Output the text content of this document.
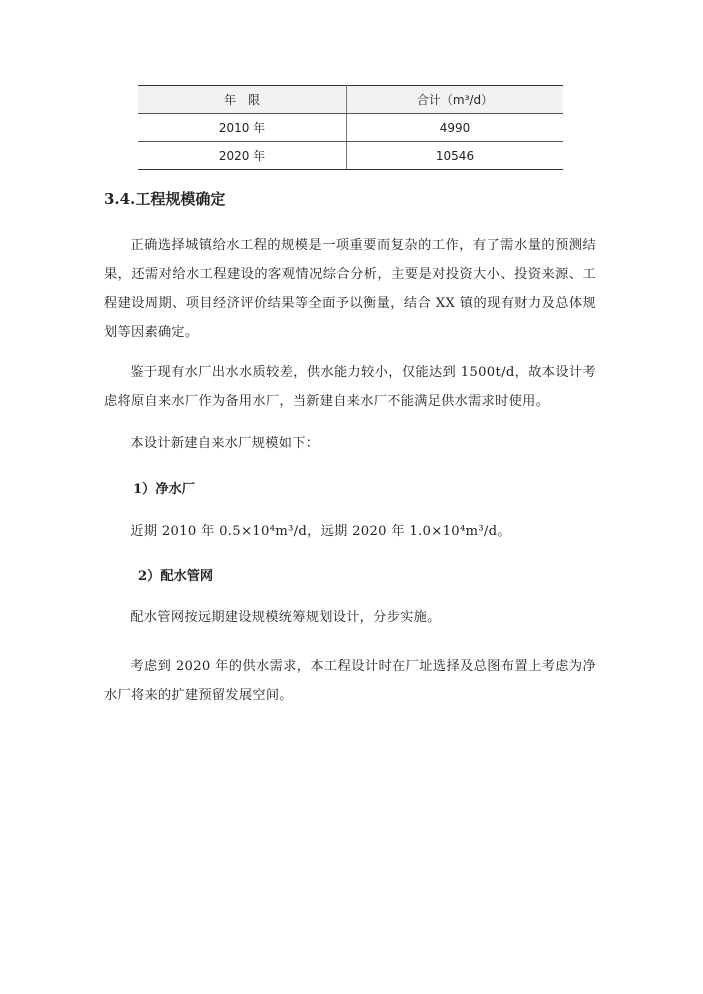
年　限	合计（m³/d）
2010 年	4990
2020 年	10546
3.4.工程规模确定

正确选择城镇给水工程的规模是一项重要而复杂的工作，有了需水量的预测结果，还需对给水工程建设的客观情况综合分析，主要是对投资大小、投资来源、工程建设周期、项目经济评价结果等全面予以衡量，结合 XX 镇的现有财力及总体规划等因素确定。

鉴于现有水厂出水水质较差，供水能力较小，仅能达到 1500t/d，故本设计考虑将原自来水厂作为备用水厂，当新建自来水厂不能满足供水需求时使用。

本设计新建自来水厂规模如下：

1）净水厂

近期 2010 年 0.5×10⁴m³/d，远期 2020 年 1.0×10⁴m³/d。

2）配水管网

配水管网按远期建设规模统筹规划设计，分步实施。

考虑到 2020 年的供水需求，本工程设计时在厂址选择及总图布置上考虑为净水厂将来的扩建预留发展空间。
